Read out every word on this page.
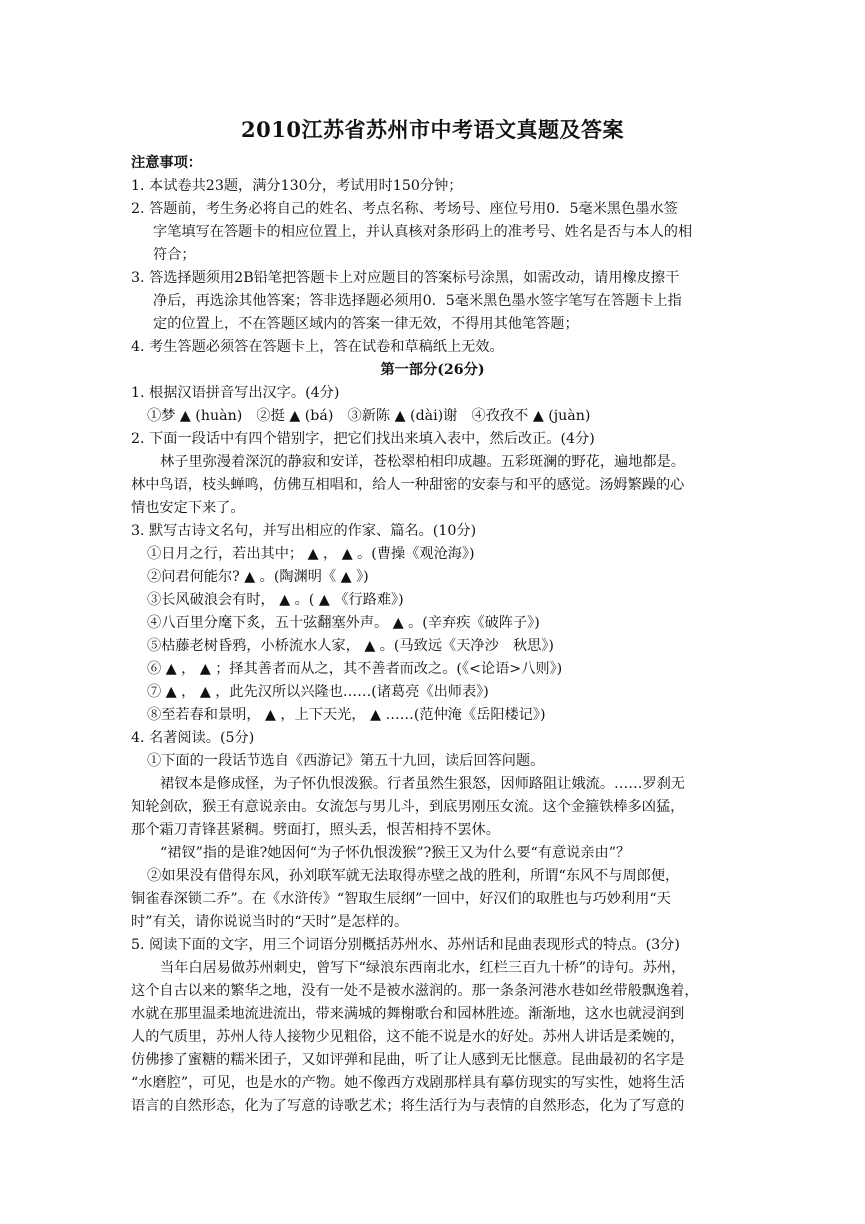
2010江苏省苏州市中考语文真题及答案
注意事项：
1. 本试卷共23题，满分130分，考试用时150分钟；
2. 答题前，考生务必将自己的姓名、考点名称、考场号、座位号用0．5毫米黑色墨水签
字笔填写在答题卡的相应位置上，并认真核对条形码上的准考号、姓名是否与本人的相
符合；
3. 答选择题须用2B铅笔把答题卡上对应题目的答案标号涂黑，如需改动，请用橡皮擦干
净后，再选涂其他答案；答非选择题必须用0．5毫米黑色墨水签字笔写在答题卡上指
定的位置上，不在答题区域内的答案一律无效，不得用其他笔答题；
4. 考生答题必须答在答题卡上，答在试卷和草稿纸上无效。
第一部分(26分)
1. 根据汉语拼音写出汉字。(4分)
①梦 ▲ (huàn)　②挺 ▲ (bá)　③新陈 ▲ (dài)谢　④孜孜不 ▲ (juàn)
2. 下面一段话中有四个错别字，把它们找出来填入表中，然后改正。(4分)
林子里弥漫着深沉的静寂和安详，苍松翠柏相印成趣。五彩斑澜的野花，遍地都是。
林中鸟语，枝头蝉鸣，仿佛互相唱和，给人一种甜密的安泰与和平的感觉。汤姆繁躁的心
情也安定下来了。
3. 默写古诗文名句，并写出相应的作家、篇名。(10分)
①日月之行，若出其中； ▲ ， ▲ 。(曹操《观沧海》)
②问君何能尔? ▲ 。(陶渊明《 ▲ 》)
③长风破浪会有时， ▲ 。( ▲ 《行路难》)
④八百里分麾下炙，五十弦翻塞外声。 ▲ 。(辛弃疾《破阵子》)
⑤枯藤老树昏鸦，小桥流水人家， ▲ 。(马致远《天净沙　秋思》)
⑥ ▲ ， ▲ ；择其善者而从之，其不善者而改之。(《<论语>八则》)
⑦ ▲ ， ▲ ，此先汉所以兴隆也……(诸葛亮《出师表》)
⑧至若春和景明， ▲ ，上下天光， ▲ ……(范仲淹《岳阳楼记》)
4. 名著阅读。(5分)
①下面的一段话节选自《西游记》第五十九回，读后回答问题。
裙钗本是修成怪，为子怀仇恨泼猴。行者虽然生狠怒，因师路阻让娥流。……罗刹无
知轮剑砍，猴王有意说亲由。女流怎与男儿斗，到底男刚压女流。这个金箍铁棒多凶猛，
那个霜刀青锋甚紧稠。劈面打，照头丢，恨苦相持不罢休。
“裙钗”指的是谁?她因何“为子怀仇恨泼猴”?猴王又为什么要“有意说亲由”？
②如果没有借得东风，孙刘联军就无法取得赤壁之战的胜利，所谓“东风不与周郎便，
铜雀春深锁二乔”。在《水浒传》“智取生辰纲”一回中，好汉们的取胜也与巧妙利用“天
时”有关，请你说说当时的“天时”是怎样的。
5. 阅读下面的文字，用三个词语分别概括苏州水、苏州话和昆曲表现形式的特点。(3分)
当年白居易做苏州刺史，曾写下“绿浪东西南北水，红栏三百九十桥”的诗句。苏州，
这个自古以来的繁华之地，没有一处不是被水滋润的。那一条条河港水巷如丝带般飘逸着，
水就在那里温柔地流进流出，带来满城的舞榭歌台和园林胜迹。渐渐地，这水也就浸润到
人的气质里，苏州人待人接物少见粗俗，这不能不说是水的好处。苏州人讲话是柔婉的，
仿佛掺了蜜糖的糯米团子，又如评弹和昆曲，听了让人感到无比惬意。昆曲最初的名字是
“水磨腔”，可见，也是水的产物。她不像西方戏剧那样具有摹仿现实的写实性，她将生活
语言的自然形态，化为了写意的诗歌艺术；将生活行为与表情的自然形态，化为了写意的
